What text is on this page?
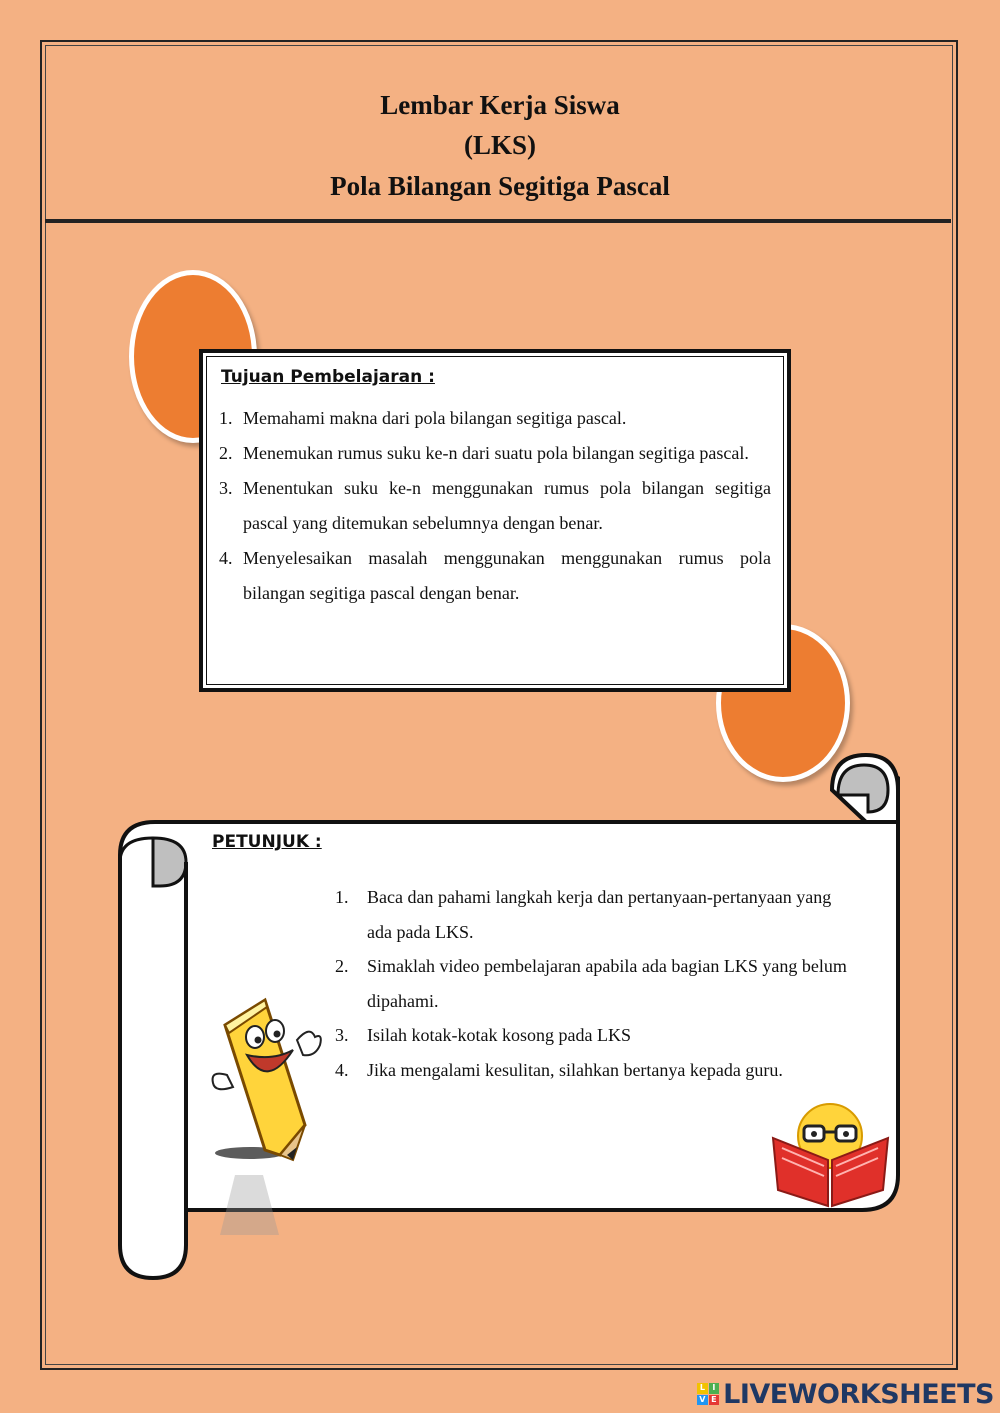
Lembar Kerja Siswa
(LKS)
Pola Bilangan Segitiga Pascal
Tujuan Pembelajaran :
1. Memahami makna dari pola bilangan segitiga pascal.
2. Menemukan rumus suku ke-n dari suatu pola bilangan segitiga pascal.
3. Menentukan suku ke-n menggunakan rumus pola bilangan segitiga pascal yang ditemukan sebelumnya dengan benar.
4. Menyelesaikan masalah menggunakan menggunakan rumus pola bilangan segitiga pascal dengan benar.
PETUNJUK :
1. Baca dan pahami langkah kerja dan pertanyaan-pertanyaan yang ada pada LKS.
2. Simaklah video pembelajaran apabila ada bagian LKS yang belum dipahami.
3. Isilah kotak-kotak kosong pada LKS
4. Jika mengalami kesulitan, silahkan bertanya kepada guru.
L I
V E LIVEWORKSHEETS
